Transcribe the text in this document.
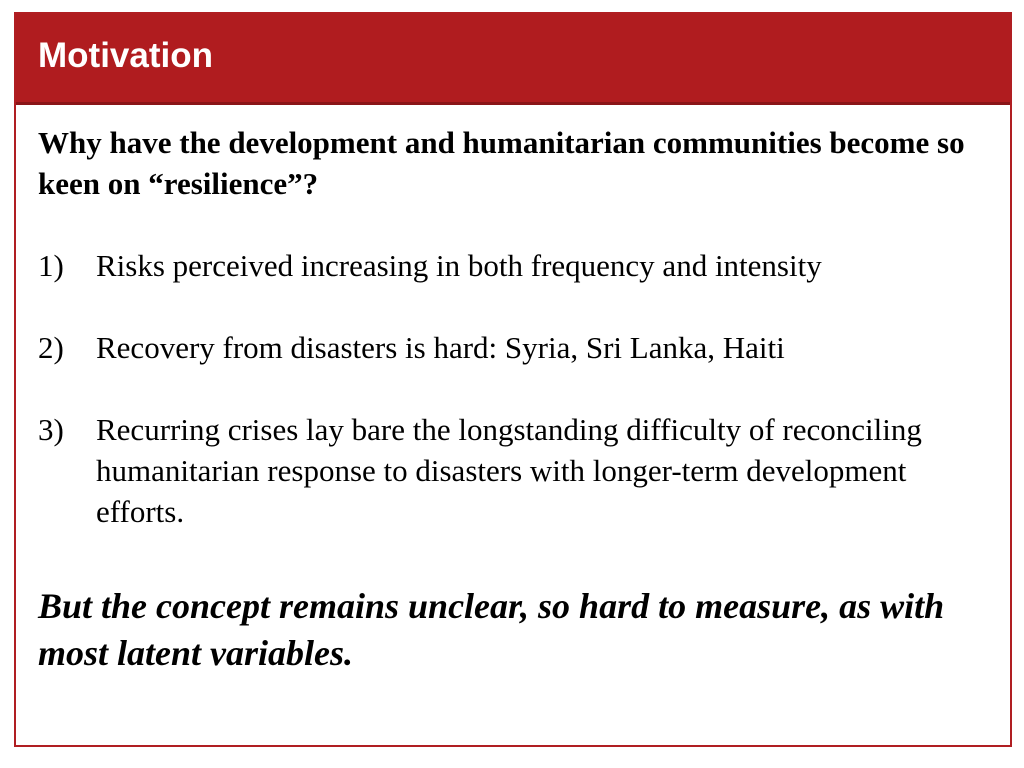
Motivation

Why have the development and humanitarian communities become so keen on “resilience”?

1) Risks perceived increasing in both frequency and intensity
2) Recovery from disasters is hard: Syria, Sri Lanka, Haiti
3) Recurring crises lay bare the longstanding difficulty of reconciling humanitarian response to disasters with longer-term development efforts.

But the concept remains unclear, so hard to measure, as with most latent variables.
